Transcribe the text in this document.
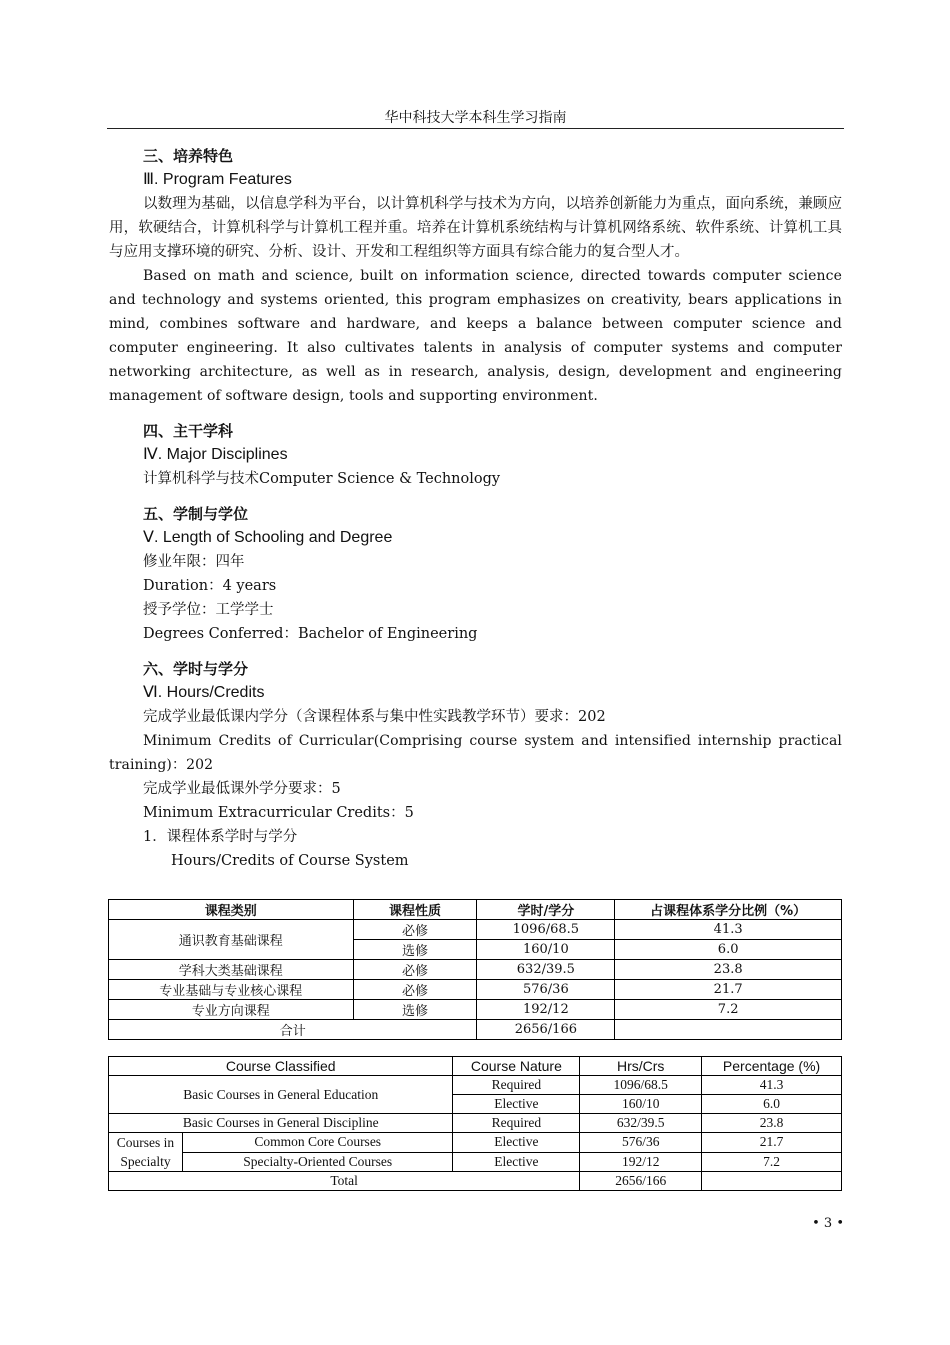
华中科技大学本科生学习指南
三、培养特色
Ⅲ. Program Features

以数理为基础，以信息学科为平台，以计算机科学与技术为方向，以培养创新能力为重点，面向系统，兼顾应用，软硬结合，计算机科学与计算机工程并重。培养在计算机系统结构与计算机网络系统、软件系统、计算机工具与应用支撑环境的研究、分析、设计、开发和工程组织等方面具有综合能力的复合型人才。

Based on math and science, built on information science, directed towards computer science and technology and systems oriented, this program emphasizes on creativity, bears applications in mind, combines software and hardware, and keeps a balance between computer science and computer engineering. It also cultivates talents in analysis of computer systems and computer networking architecture, as well as in research, analysis, design, development and engineering management of software design, tools and supporting environment.

四、主干学科
Ⅳ. Major Disciplines
计算机科学与技术Computer Science & Technology
五、学制与学位
Ⅴ. Length of Schooling and Degree
修业年限：四年
Duration：4 years
授予学位：工学学士
Degrees Conferred：Bachelor of Engineering
六、学时与学分
Ⅵ. Hours/Credits
完成学业最低课内学分（含课程体系与集中性实践教学环节）要求：202

Minimum Credits of Curricular(Comprising course system and intensified internship practical training)：202

完成学业最低课外学分要求：5
Minimum Extracurricular Credits：5
1．课程体系学时与学分
Hours/Credits of Course System
课程类别	课程性质	学时/学分	占课程体系学分比例（%）
通识教育基础课程	必修	1096/68.5	41.3
	选修	160/10	6.0
学科大类基础课程	必修	632/39.5	23.8
专业基础与专业核心课程	必修	576/36	21.7
专业方向课程	选修	192/12	7.2
合计		2656/166	
Course Classified		Course Nature	Hrs/Crs	Percentage (%)
Basic Courses in General Education		Required	1096/68.5	41.3
		Elective	160/10	6.0
Basic Courses in General Discipline		Required	632/39.5	23.8
Courses in Specialty	Common Core Courses	Elective	576/36	21.7
	Specialty-Oriented Courses	Elective	192/12	7.2
Total			2656/166	
• 3 •
